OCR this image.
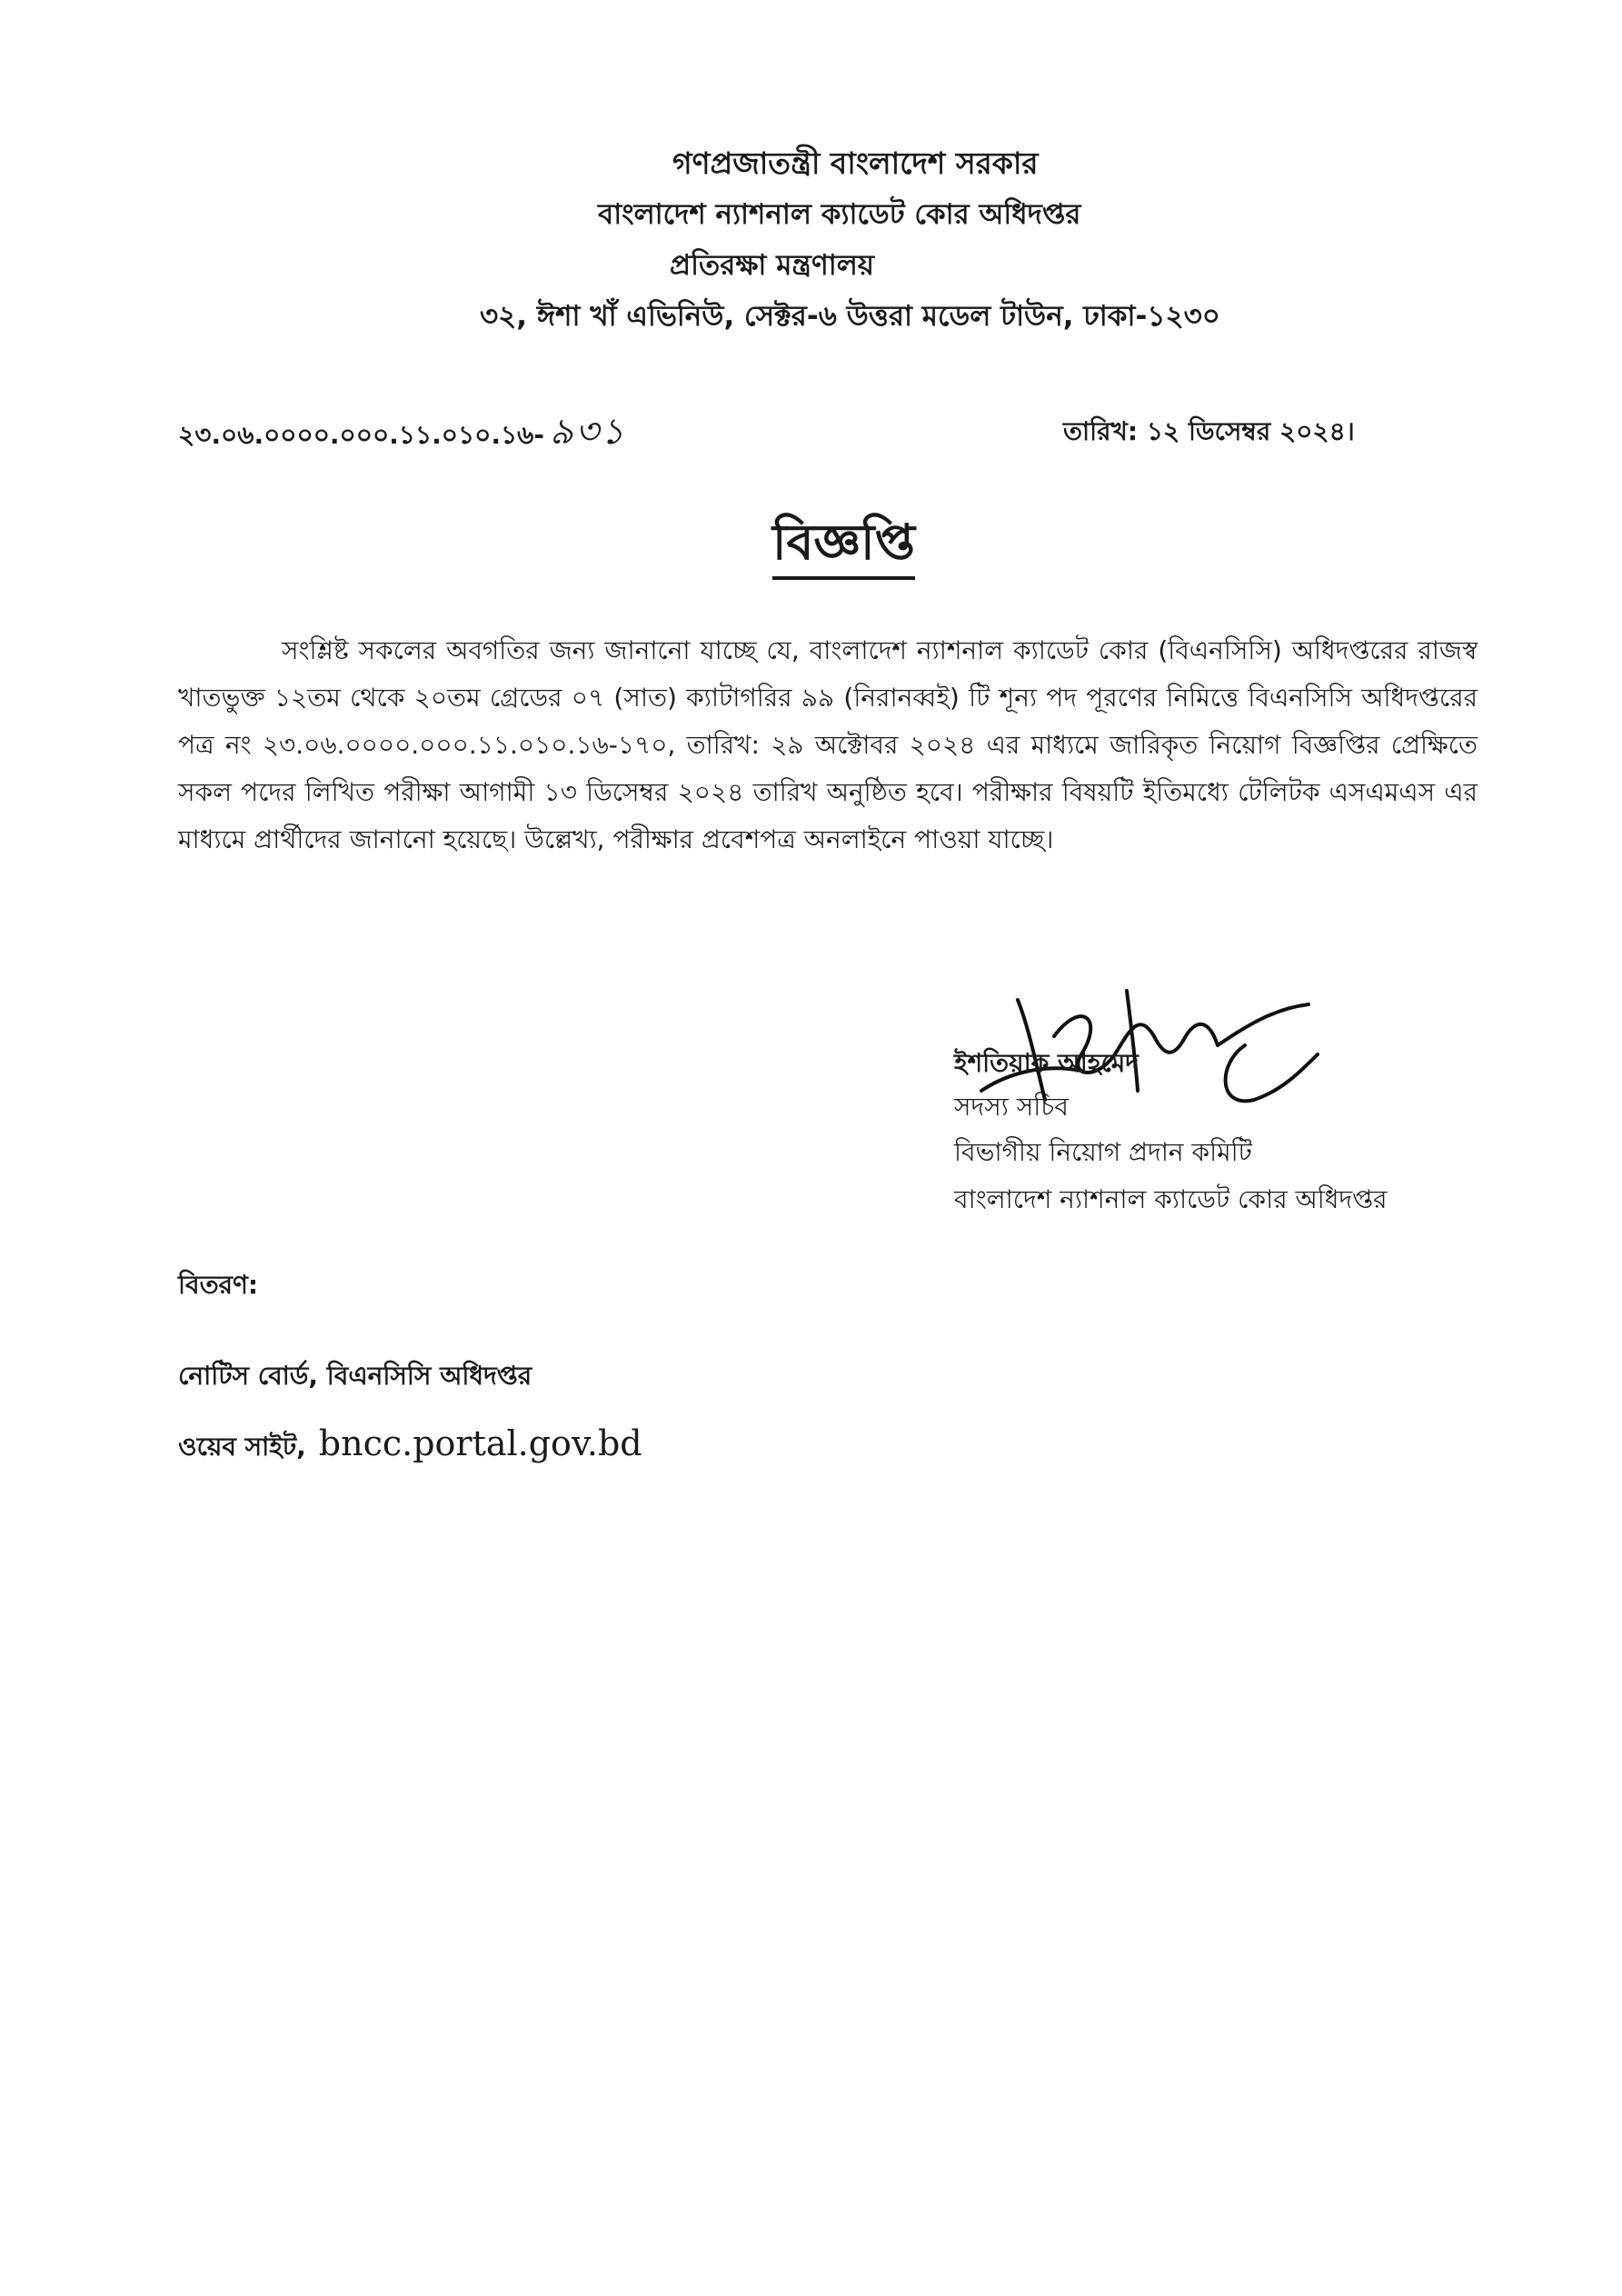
গণপ্রজাতন্ত্রী বাংলাদেশ সরকার
বাংলাদেশ ন্যাশনাল ক্যাডেট কোর অধিদপ্তর
প্রতিরক্ষা মন্ত্রণালয়
৩২, ঈশা খাঁ এভিনিউ, সেক্টর-৬ উত্তরা মডেল টাউন, ঢাকা-১২৩০
২৩.০৬.০০০০.০০০.১১.০১০.১৬- ৯৩১	তারিখ: ১২ ডিসেম্বর ২০২৪।
বিজ্ঞপ্তি

সংশ্লিষ্ট সকলের অবগতির জন্য জানানো যাচ্ছে যে, বাংলাদেশ ন্যাশনাল ক্যাডেট কোর (বিএনসিসি) অধিদপ্তরের রাজস্ব খাতভুক্ত ১২তম থেকে ২০তম গ্রেডের ০৭ (সাত) ক্যাটাগরির ৯৯ (নিরানব্বই) টি শূন্য পদ পূরণের নিমিত্তে বিএনসিসি অধিদপ্তরের পত্র নং ২৩.০৬.০০০০.০০০.১১.০১০.১৬-১৭০, তারিখ: ২৯ অক্টোবর ২০২৪ এর মাধ্যমে জারিকৃত নিয়োগ বিজ্ঞপ্তির প্রেক্ষিতে সকল পদের লিখিত পরীক্ষা আগামী ১৩ ডিসেম্বর ২০২৪ তারিখ অনুষ্ঠিত হবে। পরীক্ষার বিষয়টি ইতিমধ্যে টেলিটক এসএমএস এর মাধ্যমে প্রার্থীদের জানানো হয়েছে। উল্লেখ্য, পরীক্ষার প্রবেশপত্র অনলাইনে পাওয়া যাচ্ছে।

ইশতিয়াক আহমেদ
সদস্য সচিব
বিভাগীয় নিয়োগ প্রদান কমিটি
বাংলাদেশ ন্যাশনাল ক্যাডেট কোর অধিদপ্তর
বিতরণ:
নোটিস বোর্ড, বিএনসিসি অধিদপ্তর
ওয়েব সাইট, bncc.portal.gov.bd
